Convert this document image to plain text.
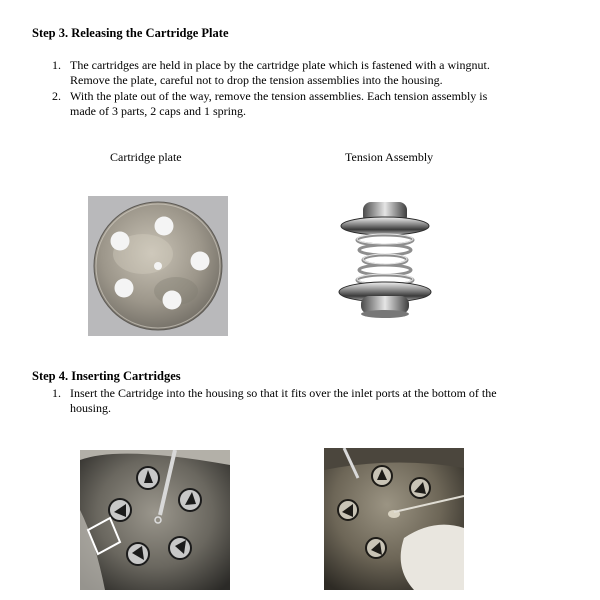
Step 3. Releasing the Cartridge Plate
1. The cartridges are held in place by the cartridge plate which is fastened with a wingnut.
Remove the plate, careful not to drop the tension assemblies into the housing.
2. With the plate out of the way, remove the tension assemblies. Each tension assembly is
made of 3 parts, 2 caps and 1 spring.
Cartridge plate	Tension Assembly
Step 4. Inserting Cartridges
1. Insert the Cartridge into the housing so that it fits over the inlet ports at the bottom of the
housing.
